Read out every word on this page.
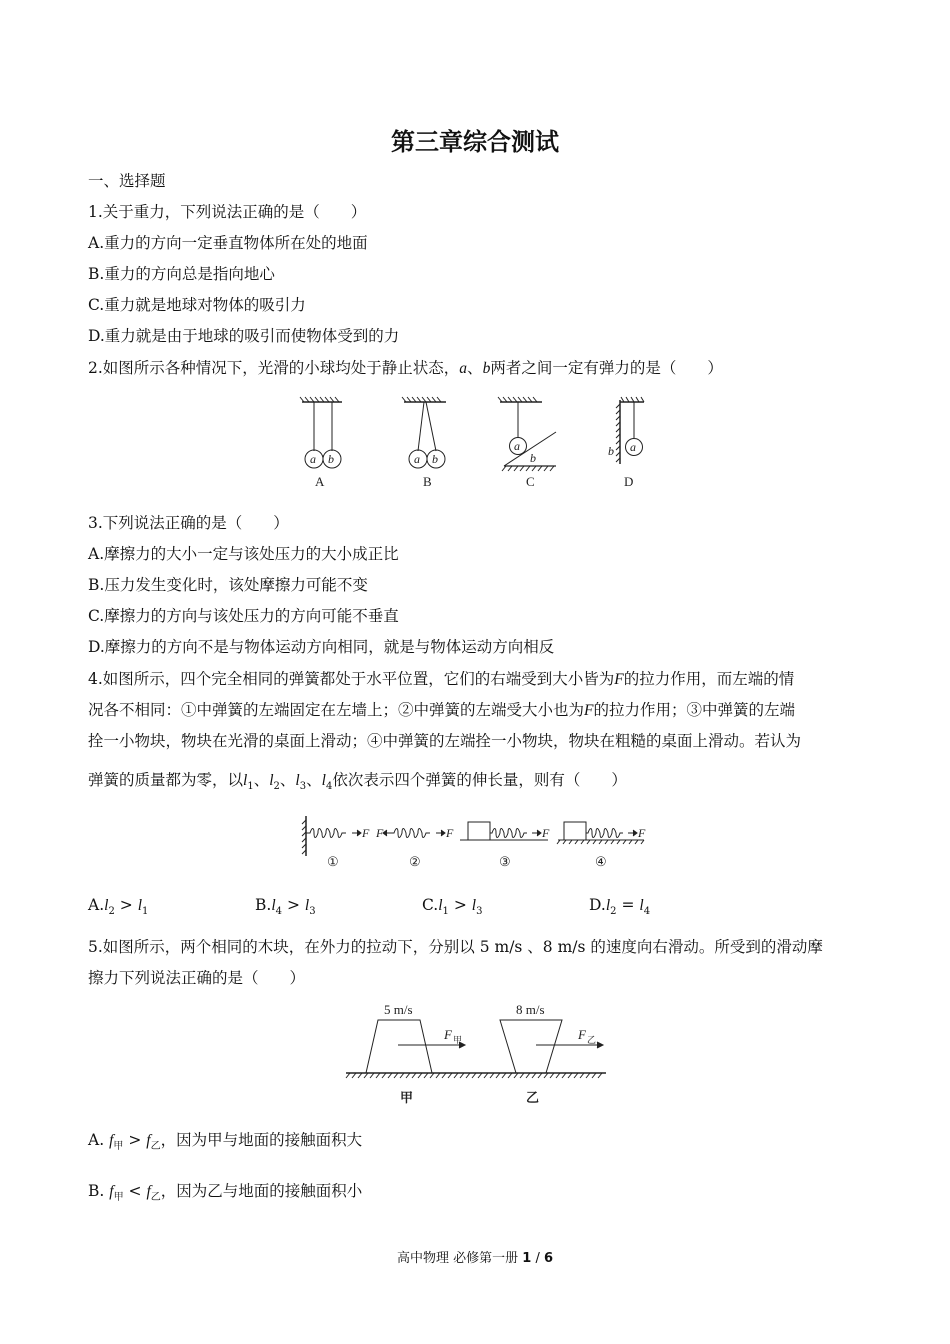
第三章综合测试
一、选择题
1.关于重力，下列说法正确的是（　　）
A.重力的方向一定垂直物体所在处的地面
B.重力的方向总是指向地心
C.重力就是地球对物体的吸引力
D.重力就是由于地球的吸引而使物体受到的力
2.如图所示各种情况下，光滑的小球均处于静止状态，a、b两者之间一定有弹力的是（　　）
a b	a b
a
b
a
b
A	B	C	D
3.下列说法正确的是（　　）
A.摩擦力的大小一定与该处压力的大小成正比
B.压力发生变化时，该处摩擦力可能不变
C.摩擦力的方向与该处压力的方向可能不垂直
D.摩擦力的方向不是与物体运动方向相同，就是与物体运动方向相反
4.如图所示，四个完全相同的弹簧都处于水平位置，它们的右端受到大小皆为F的拉力作用，而左端的情
况各不相同：①中弹簧的左端固定在左墙上；②中弹簧的左端受大小也为F的拉力作用；③中弹簧的左端
拴一小物块，物块在光滑的桌面上滑动；④中弹簧的左端拴一小物块，物块在粗糙的桌面上滑动。若认为
弹簧的质量都为零，以$l_1$、$l_2$、$l_3$、$l_4$依次表示四个弹簧的伸长量，则有（　　）
F F	F	F	F
①	②	③	④
$A.l_2 > l_1$	$B.l_4 > l_3$	$C.l_1 > l_3$	$D.l_2 = l_4$
5.如图所示，两个相同的木块，在外力的拉动下，分别以 5 m/s 、8 m/s 的速度向右滑动。所受到的滑动摩
擦力下列说法正确的是（　　）
5 m/s	8 m/s
F 甲	F 乙
甲	乙
A. $f_甲 > f_乙$，因为甲与地面的接触面积大
B. $f_甲 < f_乙$，因为乙与地面的接触面积小
高中物理 必修第一册 1 / 6
